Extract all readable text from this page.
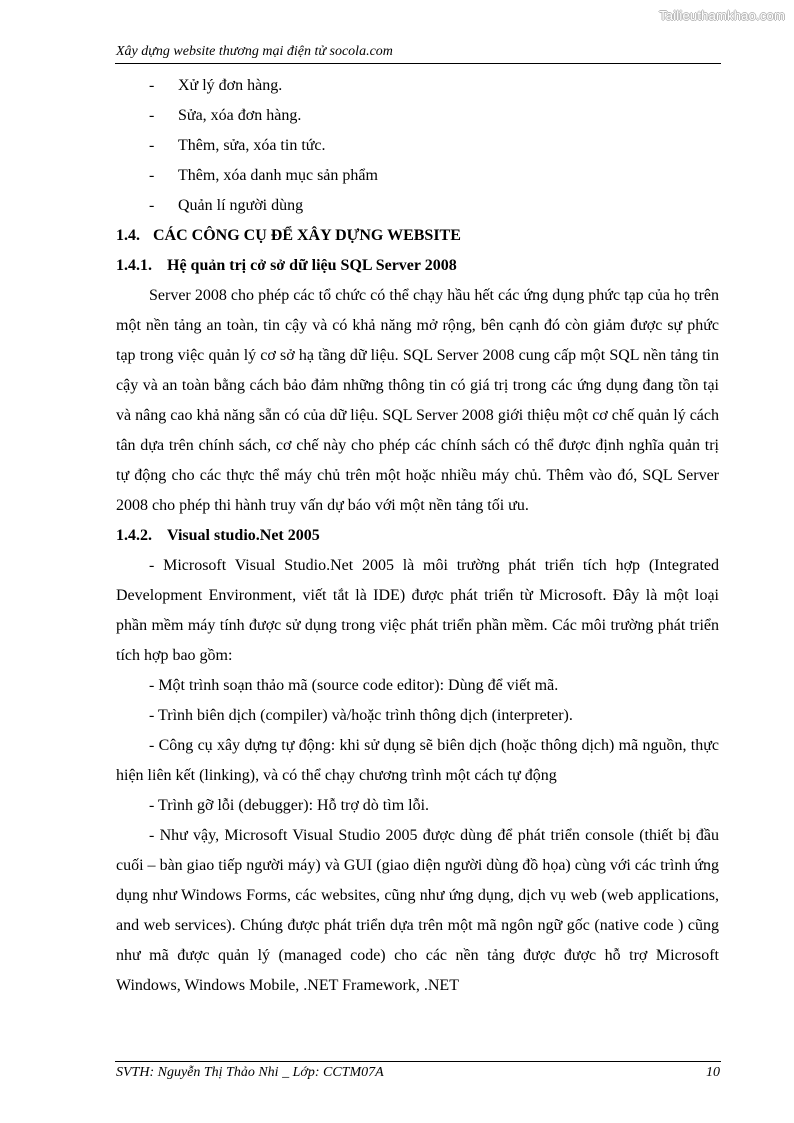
Tailieuthamkhao.com
Xây dựng website thương mại điện tử socola.com

- Xử lý đơn hàng.

- Sửa, xóa đơn hàng.

- Thêm, sửa, xóa tin tức.

- Thêm, xóa danh mục sản phẩm

- Quản lí người dùng

1.4. CÁC CÔNG CỤ ĐỂ XÂY DỰNG WEBSITE

1.4.1. Hệ quản trị cở sở dữ liệu SQL Server 2008

Server 2008 cho phép các tổ chức có thể chạy hầu hết các ứng dụng phức tạp của họ trên một nền tảng an toàn, tin cậy và có khả năng mở rộng, bên cạnh đó còn giảm được sự phức tạp trong việc quản lý cơ sở hạ tầng dữ liệu. SQL Server 2008 cung cấp một SQL nền tảng tin cậy và an toàn bằng cách bảo đảm những thông tin có giá trị trong các ứng dụng đang tồn tại và nâng cao khả năng sẵn có của dữ liệu. SQL Server 2008 giới thiệu một cơ chế quản lý cách tân dựa trên chính sách, cơ chế này cho phép các chính sách có thể được định nghĩa quản trị tự động cho các thực thể máy chủ trên một hoặc nhiều máy chủ. Thêm vào đó, SQL Server 2008 cho phép thi hành truy vấn dự báo với một nền tảng tối ưu.

1.4.2. Visual studio.Net 2005

- Microsoft Visual Studio.Net 2005 là môi trường phát triển tích hợp (Integrated Development Environment, viết tắt là IDE) được phát triển từ Microsoft. Đây là một loại phần mềm máy tính được sử dụng trong việc phát triển phần mềm. Các môi trường phát triển tích hợp bao gồm:

- Một trình soạn thảo mã (source code editor): Dùng để viết mã.

- Trình biên dịch (compiler) và/hoặc trình thông dịch (interpreter).

- Công cụ xây dựng tự động: khi sử dụng sẽ biên dịch (hoặc thông dịch) mã nguồn, thực hiện liên kết (linking), và có thể chạy chương trình một cách tự động

- Trình gỡ lỗi (debugger): Hỗ trợ dò tìm lỗi.

- Như vậy, Microsoft Visual Studio 2005 được dùng để phát triển console (thiết bị đầu cuối – bàn giao tiếp người máy) và GUI (giao diện người dùng đồ họa) cùng với các trình ứng dụng như Windows Forms, các websites, cũng như ứng dụng, dịch vụ web (web applications, and web services). Chúng được phát triển dựa trên một mã ngôn ngữ gốc (native code ) cũng như mã được quản lý (managed code) cho các nền tảng được được hỗ trợ Microsoft Windows, Windows Mobile, .NET Framework, .NET

SVTH: Nguyễn Thị Thảo Nhi _ Lớp: CCTM07A	10
